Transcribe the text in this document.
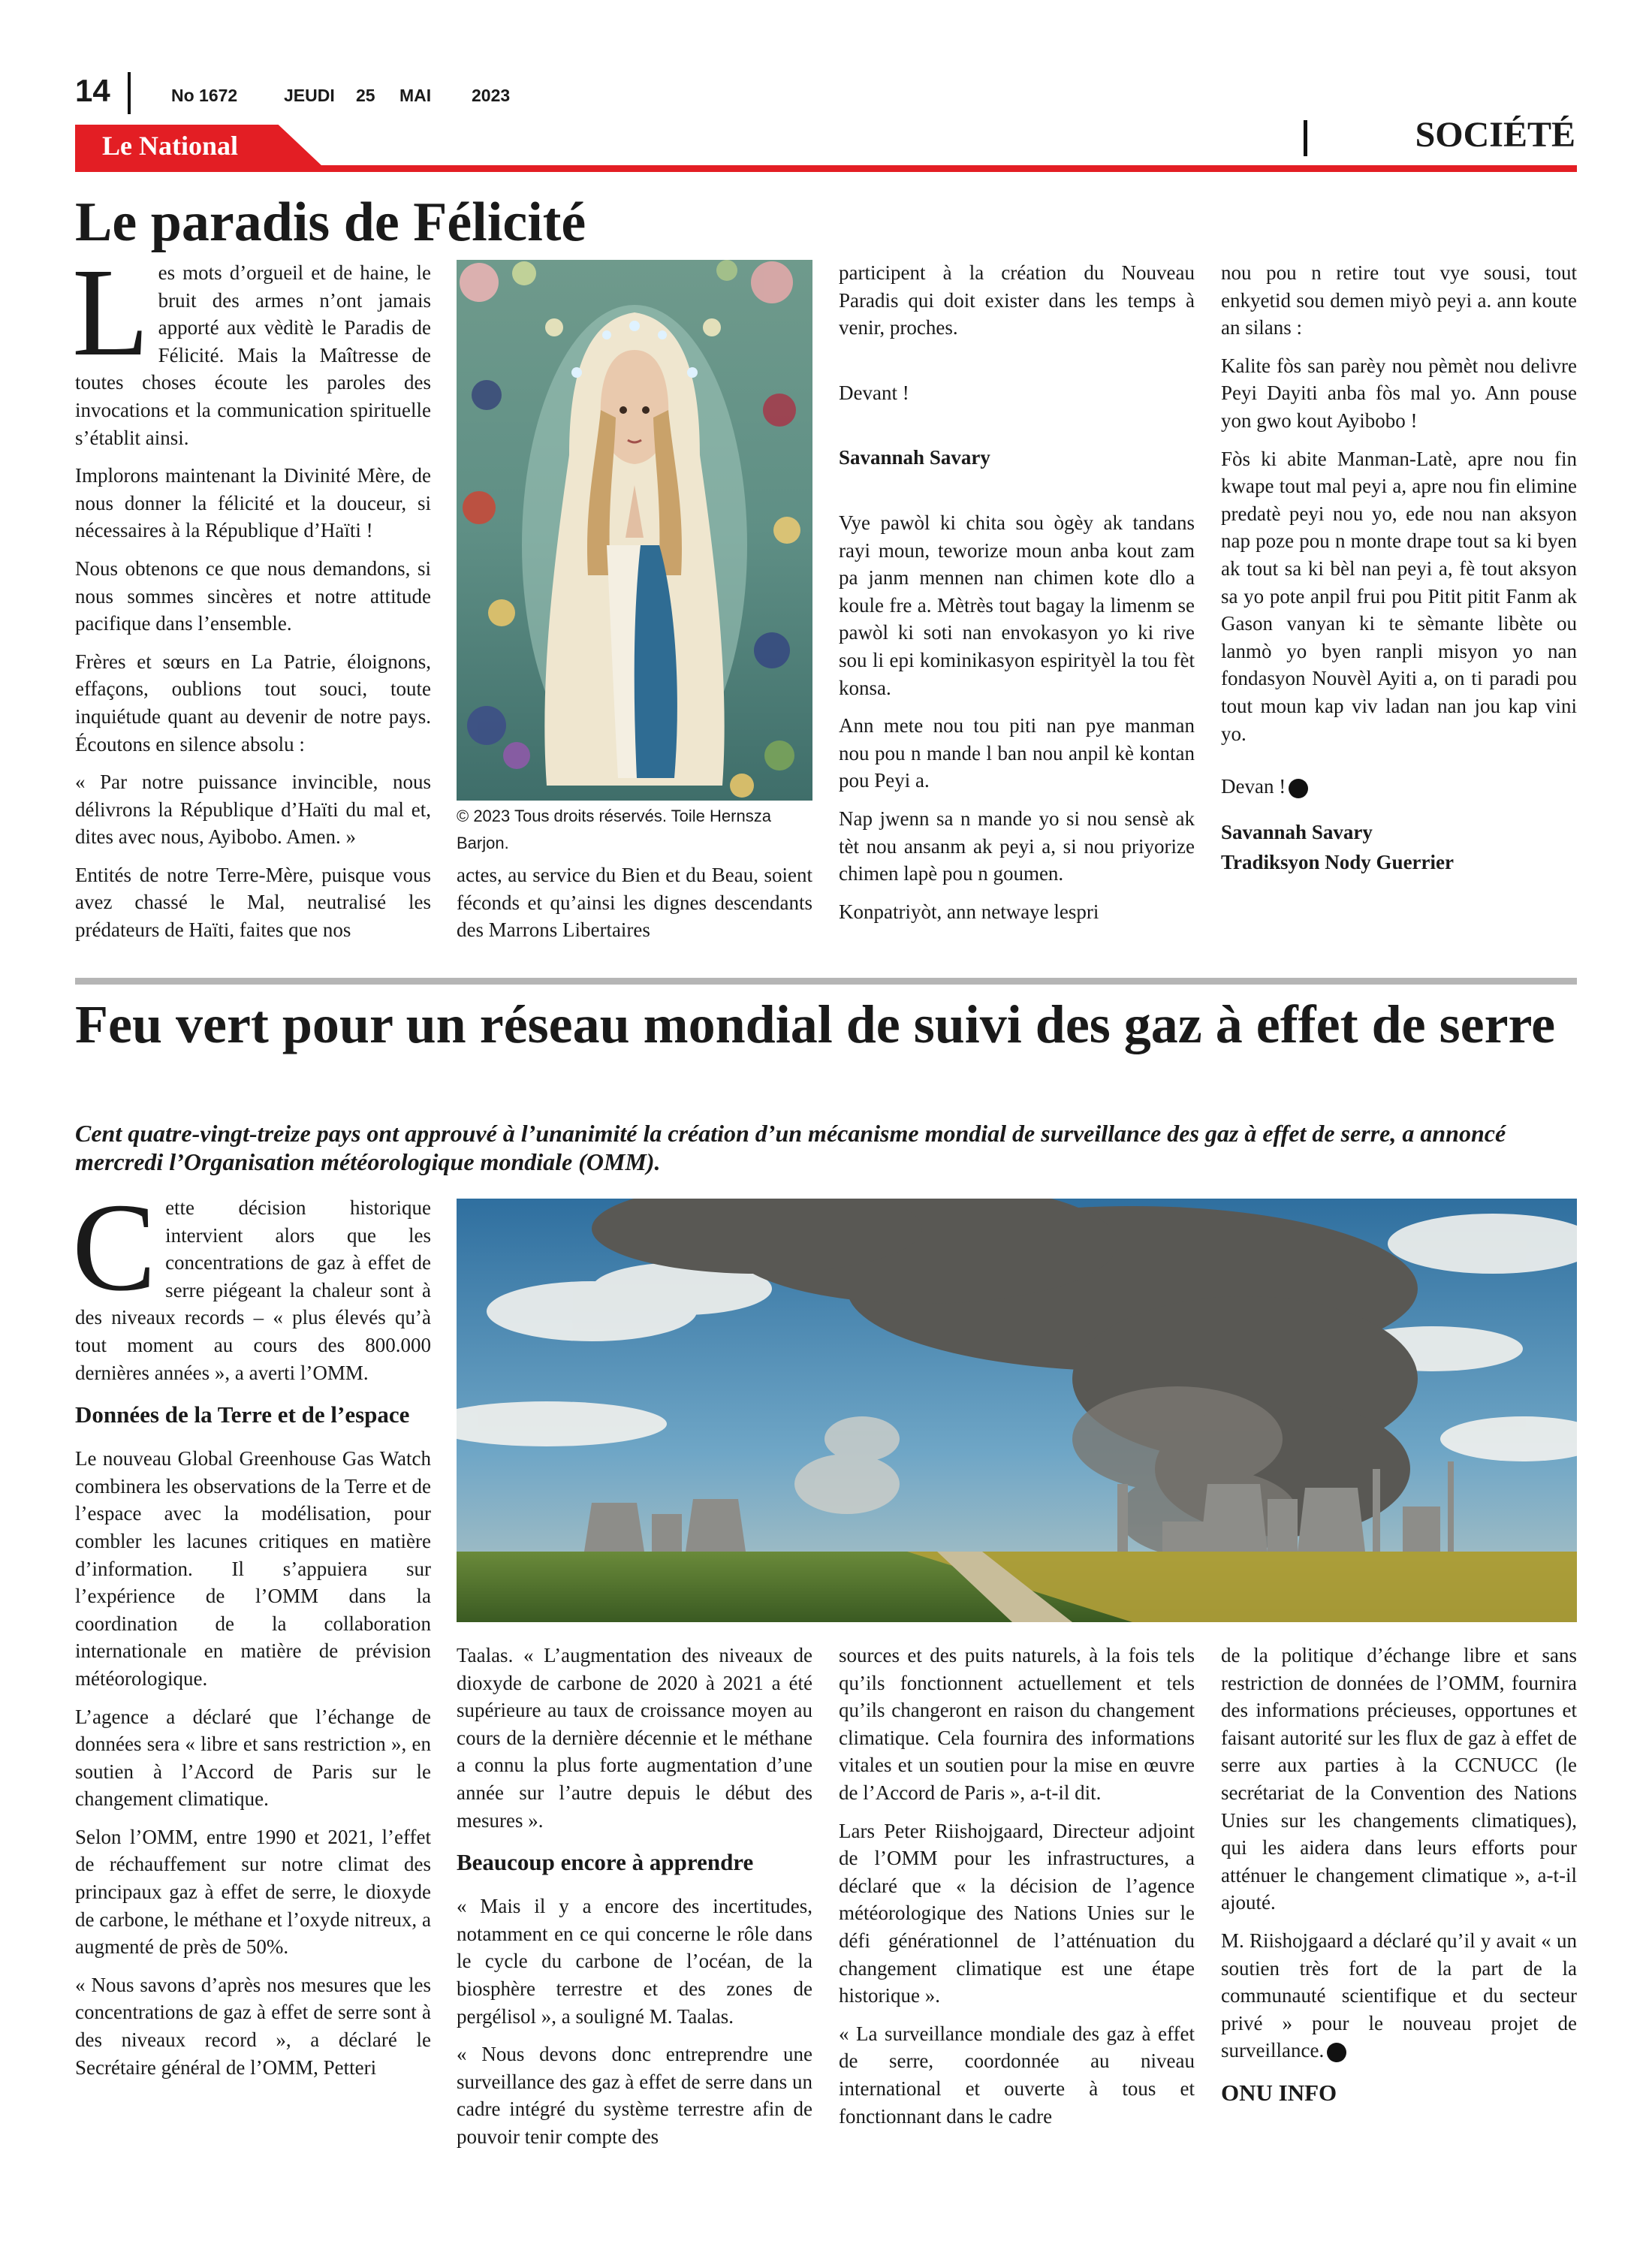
14	No 1672	JEUDI 25 MAI 2023
Le National	SOCIÉTÉ
Le paradis de Félicité
L es mots d’orgueil et de haine, le bruit des armes n’ont jamais apporté aux vèditè le Paradis de Félicité. Mais la Maîtresse de toutes choses écoute les paroles des invocations et la communication spirituelle s’établit ainsi.

Implorons maintenant la Divinité Mère, de nous donner la félicité et la douceur, si nécessaires à la République d’Haïti !

Nous obtenons ce que nous demandons, si nous sommes sincères et notre attitude pacifique dans l’ensemble.

Frères et sœurs en La Patrie, éloignons, effaçons, oublions tout souci, toute inquiétude quant au devenir de notre pays. Écoutons en silence absolu :

« Par notre puissance invincible, nous délivrons la République d’Haïti du mal et, dites avec nous, Ayibobo. Amen. »

Entités de notre Terre-Mère, puisque vous avez chassé le Mal, neutralisé les prédateurs de Haïti, faites que nos

© 2023 Tous droits réservés. Toile Hernsza Barjon.

actes, au service du Bien et du Beau, soient féconds et qu’ainsi les dignes descendants des Marrons Libertaires

participent à la création du Nouveau Paradis qui doit exister dans les temps à venir, proches.

Devant !

Savannah Savary

Vye pawòl ki chita sou ògèy ak tandans rayi moun, teworize moun anba kout zam pa janm mennen nan chimen kote dlo a koule fre a. Mètrès tout bagay la limenm se pawòl ki soti nan envokasyon yo ki rive sou li epi kominikasyon espirityèl la tou fèt konsa.

Ann mete nou tou piti nan pye manman nou pou n mande l ban nou anpil kè kontan pou Peyi a.

Nap jwenn sa n mande yo si nou sensè ak tèt nou ansanm ak peyi a, si nou priyorize chimen lapè pou n goumen.

Konpatriyòt, ann netwaye lespri

nou pou n retire tout vye sousi, tout enkyetid sou demen miyò peyi a. ann koute an silans :

Kalite fòs san parèy nou pèmèt nou delivre Peyi Dayiti anba fòs mal yo. Ann pouse yon gwo kout Ayibobo !

Fòs ki abite Manman-Latè, apre nou fin kwape tout mal peyi a, apre nou fin elimine predatè peyi nou yo, ede nou nan aksyon nap poze pou n monte drape tout sa ki byen ak tout sa ki bèl nan peyi a, fè tout aksyon sa yo pote anpil frui pou Pitit pitit Fanm ak Gason vanyan ki te sèmante libète ou lanmò yo byen ranpli misyon yo nan fondasyon Nouvèl Ayiti a, on ti paradi pou tout moun kap viv ladan nan jou kap vini yo.

Devan !

Savannah Savary

Tradiksyon Nody Guerrier

Feu vert pour un réseau mondial de suivi des gaz à effet de serre
Cent quatre-vingt-treize pays ont approuvé à l’unanimité la création d’un mécanisme mondial de surveillance des gaz à effet de serre, a annoncé mercredi l’Organisation météorologique mondiale (OMM).
C ette décision historique intervient alors que les concentrations de gaz à effet de serre piégeant la chaleur sont à des niveaux records – « plus élevés qu’à tout moment au cours des 800.000 dernières années », a averti l’OMM.

Données de la Terre et de l’espace

Le nouveau Global Greenhouse Gas Watch combinera les observations de la Terre et de l’espace avec la modélisation, pour combler les lacunes critiques en matière d’information. Il s’appuiera sur l’expérience de l’OMM dans la coordination de la collaboration internationale en matière de prévision météorologique.

L’agence a déclaré que l’échange de données sera « libre et sans restriction », en soutien à l’Accord de Paris sur le changement climatique.

Selon l’OMM, entre 1990 et 2021, l’effet de réchauffement sur notre climat des principaux gaz à effet de serre, le dioxyde de carbone, le méthane et l’oxyde nitreux, a augmenté de près de 50%.

« Nous savons d’après nos mesures que les concentrations de gaz à effet de serre sont à des niveaux record », a déclaré le Secrétaire général de l’OMM, Petteri

Taalas. « L’augmentation des niveaux de dioxyde de carbone de 2020 à 2021 a été supérieure au taux de croissance moyen au cours de la dernière décennie et le méthane a connu la plus forte augmentation d’une année sur l’autre depuis le début des mesures ».

Beaucoup encore à apprendre

« Mais il y a encore des incertitudes, notamment en ce qui concerne le rôle dans le cycle du carbone de l’océan, de la biosphère terrestre et des zones de pergélisol », a souligné M. Taalas.

« Nous devons donc entreprendre une surveillance des gaz à effet de serre dans un cadre intégré du système terrestre afin de pouvoir tenir compte des

sources et des puits naturels, à la fois tels qu’ils fonctionnent actuellement et tels qu’ils changeront en raison du changement climatique. Cela fournira des informations vitales et un soutien pour la mise en œuvre de l’Accord de Paris », a-t-il dit.

Lars Peter Riishojgaard, Directeur adjoint de l’OMM pour les infrastructures, a déclaré que « la décision de l’agence météorologique des Nations Unies sur le défi générationnel de l’atténuation du changement climatique est une étape historique ».

« La surveillance mondiale des gaz à effet de serre, coordonnée au niveau international et ouverte à tous et fonctionnant dans le cadre

de la politique d’échange libre et sans restriction de données de l’OMM, fournira des informations précieuses, opportunes et faisant autorité sur les flux de gaz à effet de serre aux parties à la CCNUCC (le secrétariat de la Convention des Nations Unies sur les changements climatiques), qui les aidera dans leurs efforts pour atténuer le changement climatique », a-t-il ajouté.

M. Riishojgaard a déclaré qu’il y avait « un soutien très fort de la part de la communauté scientifique et du secteur privé » pour le nouveau projet de surveillance.

ONU INFO
